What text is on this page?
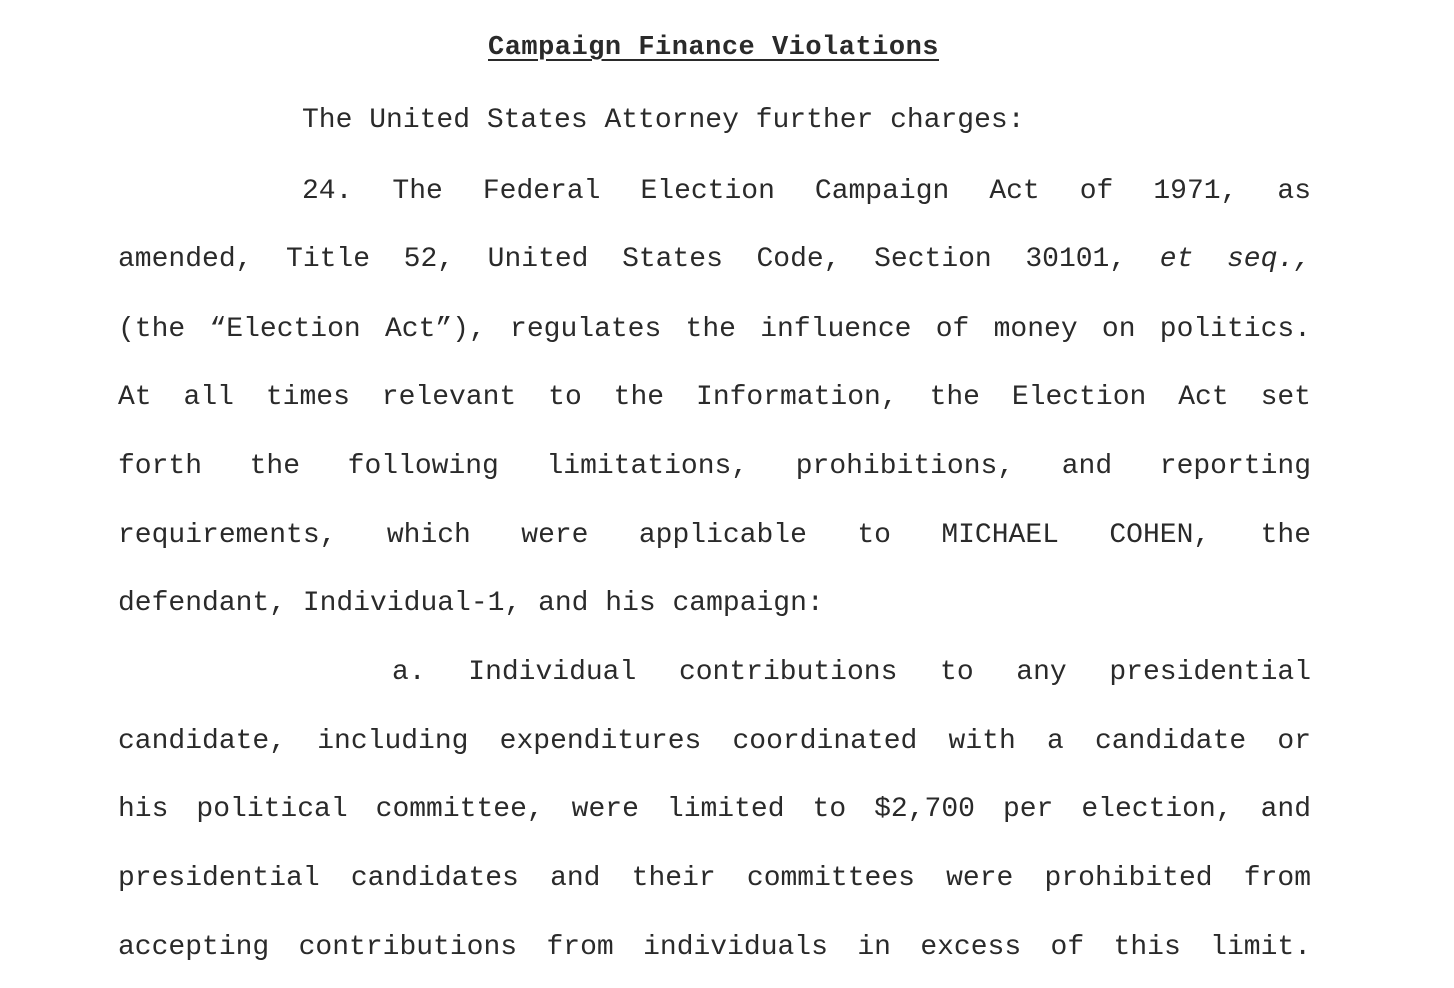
Campaign Finance Violations
The United States Attorney further charges:
24. The Federal Election Campaign Act of 1971, as
amended, Title 52, United States Code, Section 30101, et seq.,
(the “Election Act”), regulates the influence of money on politics.
At all times relevant to the Information, the Election Act set
forth the following limitations, prohibitions, and reporting
requirements, which were applicable to MICHAEL COHEN, the
defendant, Individual-1, and his campaign:
a. Individual contributions to any presidential
candidate, including expenditures coordinated with a candidate or
his political committee, were limited to $2,700 per election, and
presidential candidates and their committees were prohibited from
accepting contributions from individuals in excess of this limit.
